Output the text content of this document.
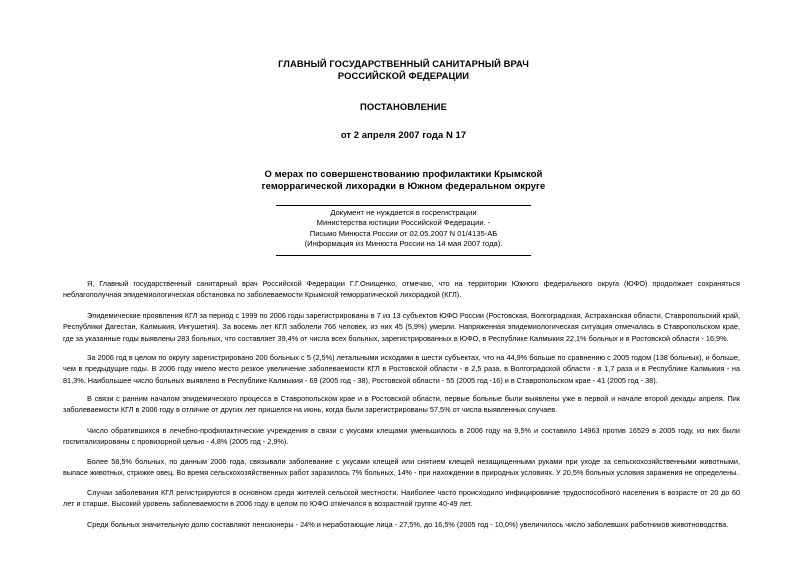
ГЛАВНЫЙ ГОСУДАРСТВЕННЫЙ САНИТАРНЫЙ ВРАЧ
РОССИЙСКОЙ ФЕДЕРАЦИИ
ПОСТАНОВЛЕНИЕ
от 2 апреля 2007 года N 17
О мерах по совершенствованию профилактики Крымской
геморрагической лихорадки в Южном федеральном округе
Документ не нуждается в госрегистрации
Министерства юстиции Российской Федерации. -
Письмо Минюста России от 02.05.2007 N 01/4135-АБ
(Информация из Минюста России на 14 мая 2007 года).

Я, Главный государственный санитарный врач Российской Федерации Г.Г.Онищенко, отмечаю, что на территории Южного федерального округа (ЮФО) продолжает сохраняться неблагополучная эпидемиологическая обстановка по заболеваемости Крымской геморрагической лихорадкой (КГЛ).

Эпидемические проявления КГЛ за период с 1999 по 2006 годы зарегистрированы в 7 из 13 субъектов ЮФО России (Ростовская, Волгоградская, Астраханская области, Ставропольский край, Республики Дагестан, Калмыкия, Ингушетия). За восемь лет КГЛ заболели 766 человек, из них 45 (5,9%) умерли. Напряженная эпидемиологическая ситуация отмечалась в Ставропольском крае, где за указанные годы выявлены 283 больных, что составляет 39,4% от числа всех больных, зарегистрированных в ЮФО, в Республике Калмыкия 22,1% больных и в Ростовской области - 16,9%.

За 2006 год в целом по округу зарегистрировано 200 больных с 5 (2,5%) летальными исходами в шести субъектах, что на 44,9% больше по сравнению с 2005 годом (138 больных), и больше, чем в предыдущие годы. В 2006 году имело место резкое увеличение заболеваемости КГЛ в Ростовской области - в 2,5 раза, в Волгоградской области - в 1,7 раза и в Республике Калмыкия - на 81,3%. Наибольшее число больных выявлено в Республике Калмыкия - 69 (2005 год - 38), Ростовской области - 55 (2005 год -16) и в Ставропольском крае - 41 (2005 год - 38).

В связи с ранним началом эпидемического процесса в Ставропольском крае и в Ростовской области, первые больные были выявлены уже в первой и начале второй декады апреля. Пик заболеваемости КГЛ в 2006 году в отличие от других лет пришелся на июнь, когда были зарегистрированы 57,5% от числа выявленных случаев.

Число обратившихся в лечебно-профилактические учреждения в связи с укусами клещами уменьшилось в 2006 году на 9,5% и составило 14963 против 16529 в 2005 году, из них были госпитализированы с провизорной целью - 4,8% (2005 год - 2,9%).

Более 58,5% больных, по данным 2006 года, связывали заболевание с укусами клещей или снятием клещей незащищенными руками при уходе за сельскохозяйственными животными, выпасе животных, стрижке овец. Во время сельскохозяйственных работ заразилось 7% больных, 14% - при нахождении в природных условиях. У 20,5% больных условия заражения не определены.

Случаи заболевания КГЛ регистрируются в основном среди жителей сельской местности. Наиболее часто происходило инфицирование трудоспособного населения в возрасте от 20 до 60 лет и старше. Высокий уровень заболеваемости в 2006 году в целом по ЮФО отмечался в возрастной группе 40-49 лет.

Среди больных значительную долю составляют пенсионеры - 24% и неработающие лица - 27,5%, до 16,5% (2005 год - 10,0%) увеличилось число заболевших работников животноводства.
